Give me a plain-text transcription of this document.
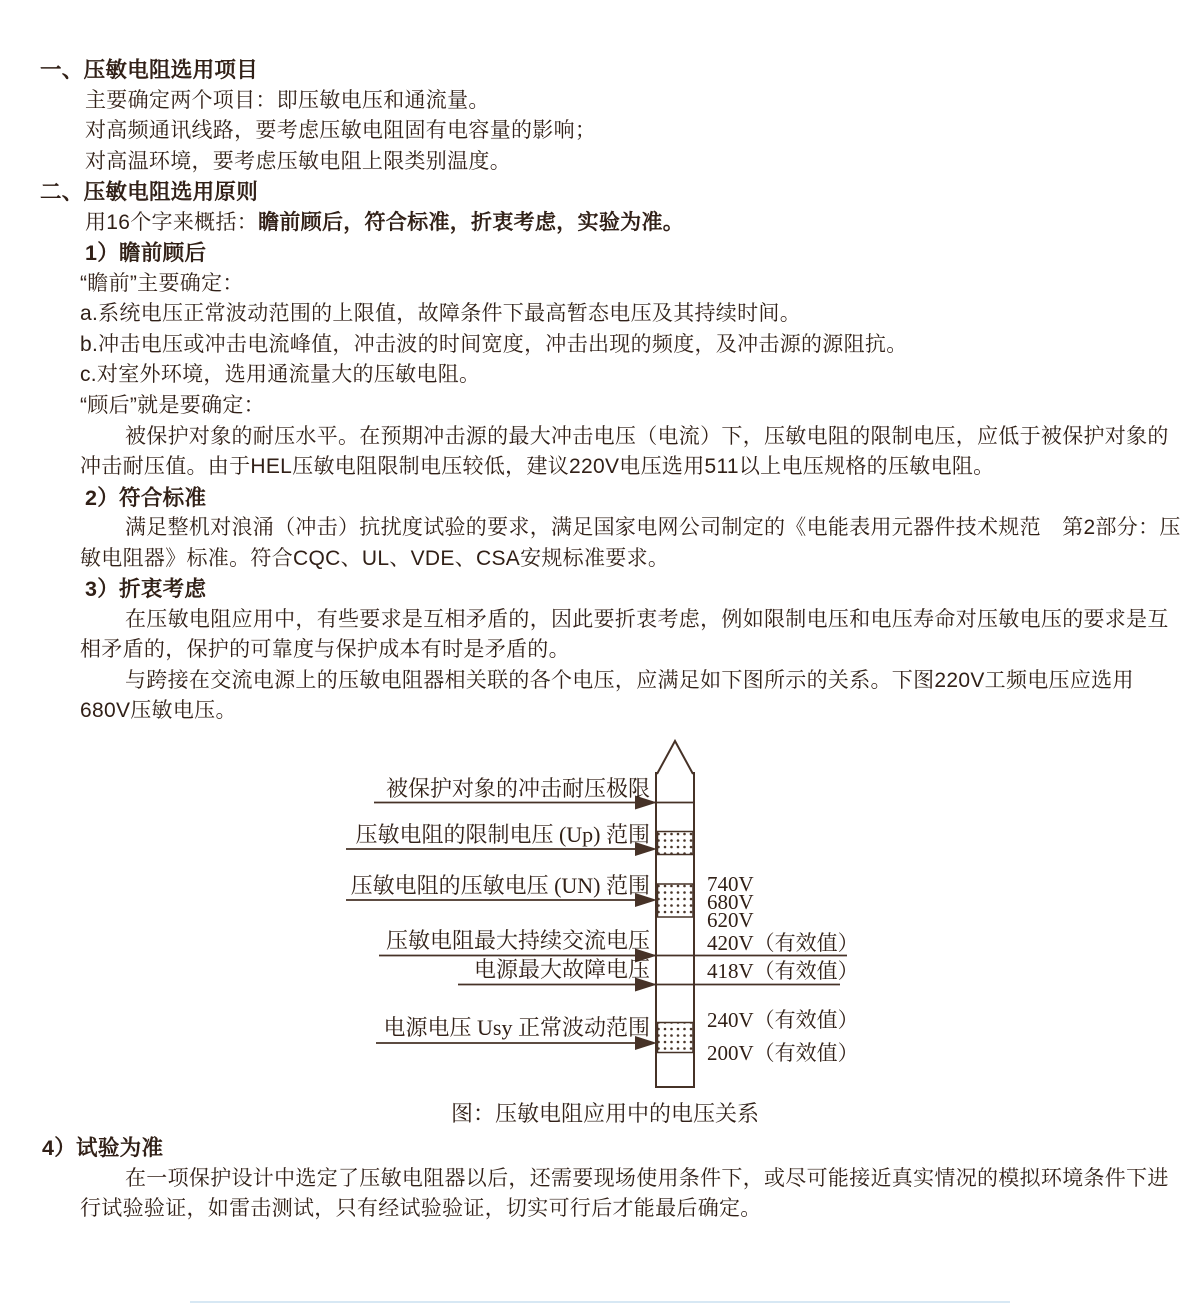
一、压敏电阻选用项目
主要确定两个项目：即压敏电压和通流量。
对高频通讯线路，要考虑压敏电阻固有电容量的影响；
对高温环境，要考虑压敏电阻上限类别温度。
二、压敏电阻选用原则
用16个字来概括：瞻前顾后，符合标准，折衷考虑，实验为准。
1）瞻前顾后
“瞻前”主要确定：
a.系统电压正常波动范围的上限值，故障条件下最高暂态电压及其持续时间。
b.冲击电压或冲击电流峰值，冲击波的时间宽度，冲击出现的频度，及冲击源的源阻抗。
c.对室外环境，选用通流量大的压敏电阻。
“顾后”就是要确定：
被保护对象的耐压水平。在预期冲击源的最大冲击电压（电流）下，压敏电阻的限制电压，应低于被保护对象的
冲击耐压值。由于HEL压敏电阻限制电压较低，建议220V电压选用511以上电压规格的压敏电阻。
2）符合标准
满足整机对浪涌（冲击）抗扰度试验的要求，满足国家电网公司制定的《电能表用元器件技术规范　第2部分：压
敏电阻器》标准。符合CQC、UL、VDE、CSA安规标准要求。
3）折衷考虑
在压敏电阻应用中，有些要求是互相矛盾的，因此要折衷考虑，例如限制电压和电压寿命对压敏电压的要求是互
相矛盾的，保护的可靠度与保护成本有时是矛盾的。
与跨接在交流电源上的压敏电阻器相关联的各个电压，应满足如下图所示的关系。下图220V工频电压应选用
680V压敏电压。
被保护对象的冲击耐压极限
压敏电阻的限制电压 (Up) 范围
压敏电阻的压敏电压 (UN) 范围
压敏电阻最大持续交流电压
电源最大故障电压
电源电压 Usy 正常波动范围
740V
680V
620V
420V（有效值）
418V（有效值）
240V（有效值）
200V（有效值）
图：压敏电阻应用中的电压关系
4）试验为准
在一项保护设计中选定了压敏电阻器以后，还需要现场使用条件下，或尽可能接近真实情况的模拟环境条件下进
行试验验证，如雷击测试，只有经试验验证，切实可行后才能最后确定。
